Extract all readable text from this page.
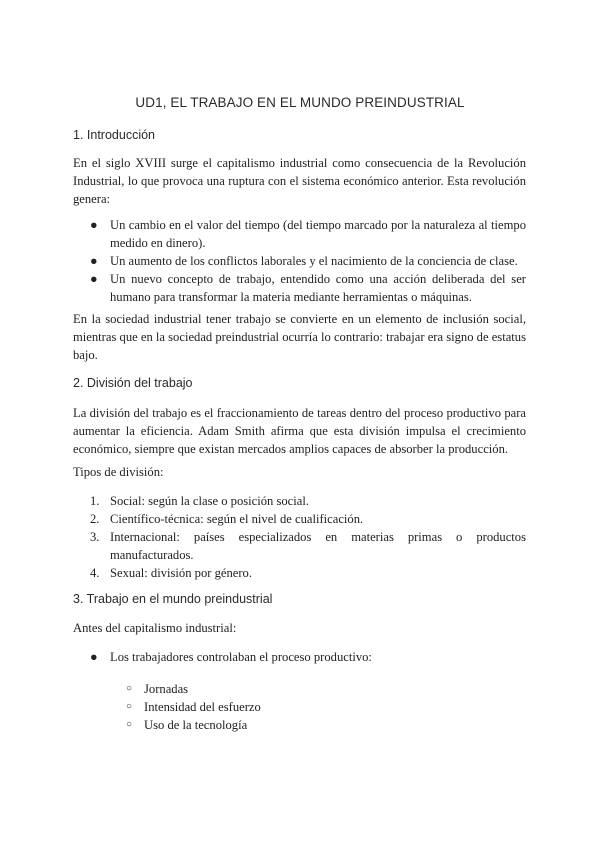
UD1, EL TRABAJO EN EL MUNDO PREINDUSTRIAL
1. Introducción

En el siglo XVIII surge el capitalismo industrial como consecuencia de la Revolución Industrial, lo que provoca una ruptura con el sistema económico anterior. Esta revolución genera:

● Un cambio en el valor del tiempo (del tiempo marcado por la naturaleza al tiempo medido en dinero).
● Un aumento de los conflictos laborales y el nacimiento de la conciencia de clase.
● Un nuevo concepto de trabajo, entendido como una acción deliberada del ser humano para transformar la materia mediante herramientas o máquinas.

En la sociedad industrial tener trabajo se convierte en un elemento de inclusión social, mientras que en la sociedad preindustrial ocurría lo contrario: trabajar era signo de estatus bajo.

2. División del trabajo

La división del trabajo es el fraccionamiento de tareas dentro del proceso productivo para aumentar la eficiencia. Adam Smith afirma que esta división impulsa el crecimiento económico, siempre que existan mercados amplios capaces de absorber la producción.

Tipos de división:

1. Social: según la clase o posición social.
2. Científico-técnica: según el nivel de cualificación.
3. Internacional: países especializados en materias primas o productos manufacturados.
4. Sexual: división por género.
3. Trabajo en el mundo preindustrial

Antes del capitalismo industrial:

● Los trabajadores controlaban el proceso productivo:
○ Jornadas
○ Intensidad del esfuerzo
○ Uso de la tecnología
